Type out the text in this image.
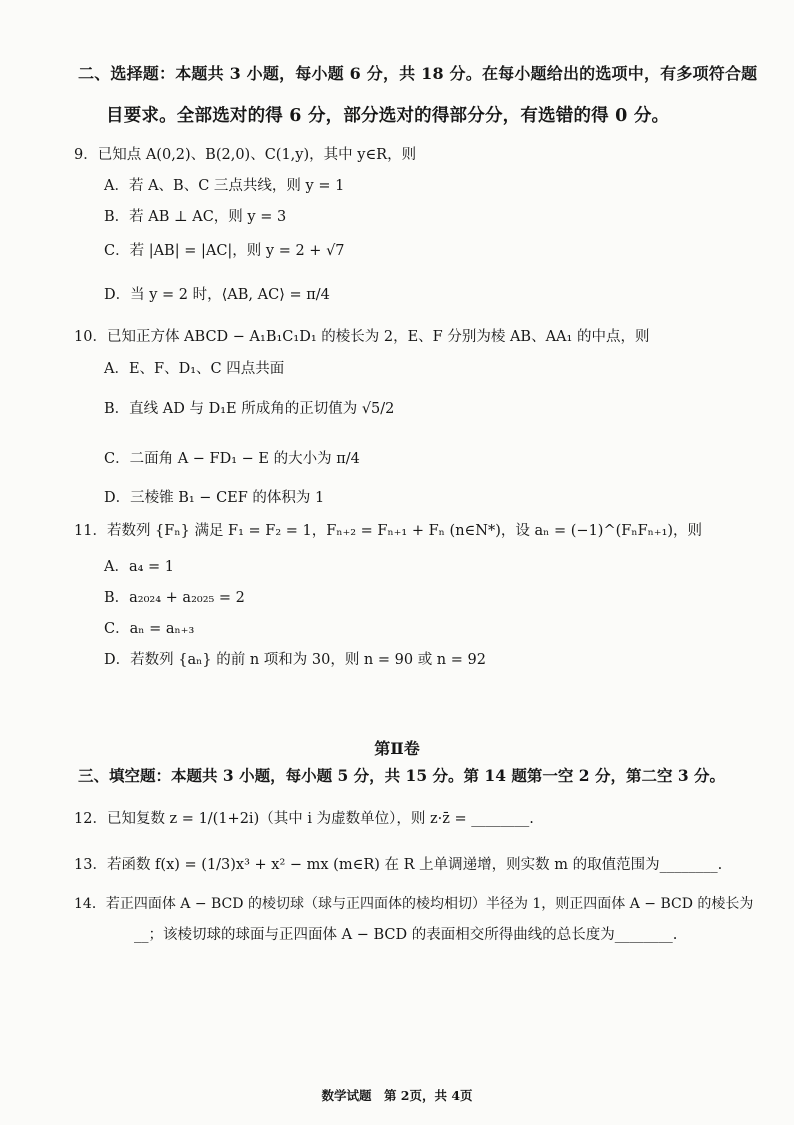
二、选择题：本题共 3 小题，每小题 6 分，共 18 分。在每小题给出的选项中，有多项符合题
目要求。全部选对的得 6 分，部分选对的得部分分，有选错的得 0 分。
9．已知点 A(0,2)、B(2,0)、C(1,y)，其中 y∈R，则
A．若 A、B、C 三点共线，则 y = 1
B．若 AB ⊥ AC，则 y = 3
C．若 |AB| = |AC|，则 y = 2 + √7
D．当 y = 2 时，⟨AB, AC⟩ = π/4
10．已知正方体 ABCD − A₁B₁C₁D₁ 的棱长为 2，E、F 分别为棱 AB、AA₁ 的中点，则
A．E、F、D₁、C 四点共面
B．直线 AD 与 D₁E 所成角的正切值为 √5/2
C．二面角 A − FD₁ − E 的大小为 π/4
D．三棱锥 B₁ − CEF 的体积为 1
11．若数列 {Fₙ} 满足 F₁ = F₂ = 1，Fₙ₊₂ = Fₙ₊₁ + Fₙ (n∈N*)，设 aₙ = (−1)^(FₙFₙ₊₁)，则
A．a₄ = 1
B．a₂₀₂₄ + a₂₀₂₅ = 2
C．aₙ = aₙ₊₃
D．若数列 {aₙ} 的前 n 项和为 30，则 n = 90 或 n = 92
第Ⅱ卷
三、填空题：本题共 3 小题，每小题 5 分，共 15 分。第 14 题第一空 2 分，第二空 3 分。
12．已知复数 z = 1/(1+2i)（其中 i 为虚数单位），则 z·z̄ = ________.
13．若函数 f(x) = (1/3)x³ + x² − mx (m∈R) 在 R 上单调递增，则实数 m 的取值范围为________.
14．若正四面体 A − BCD 的棱切球（球与正四面体的棱均相切）半径为 1，则正四面体 A − BCD 的棱长为
__；该棱切球的球面与正四面体 A − BCD 的表面相交所得曲线的总长度为________.
数学试题　第 2页，共 4页
